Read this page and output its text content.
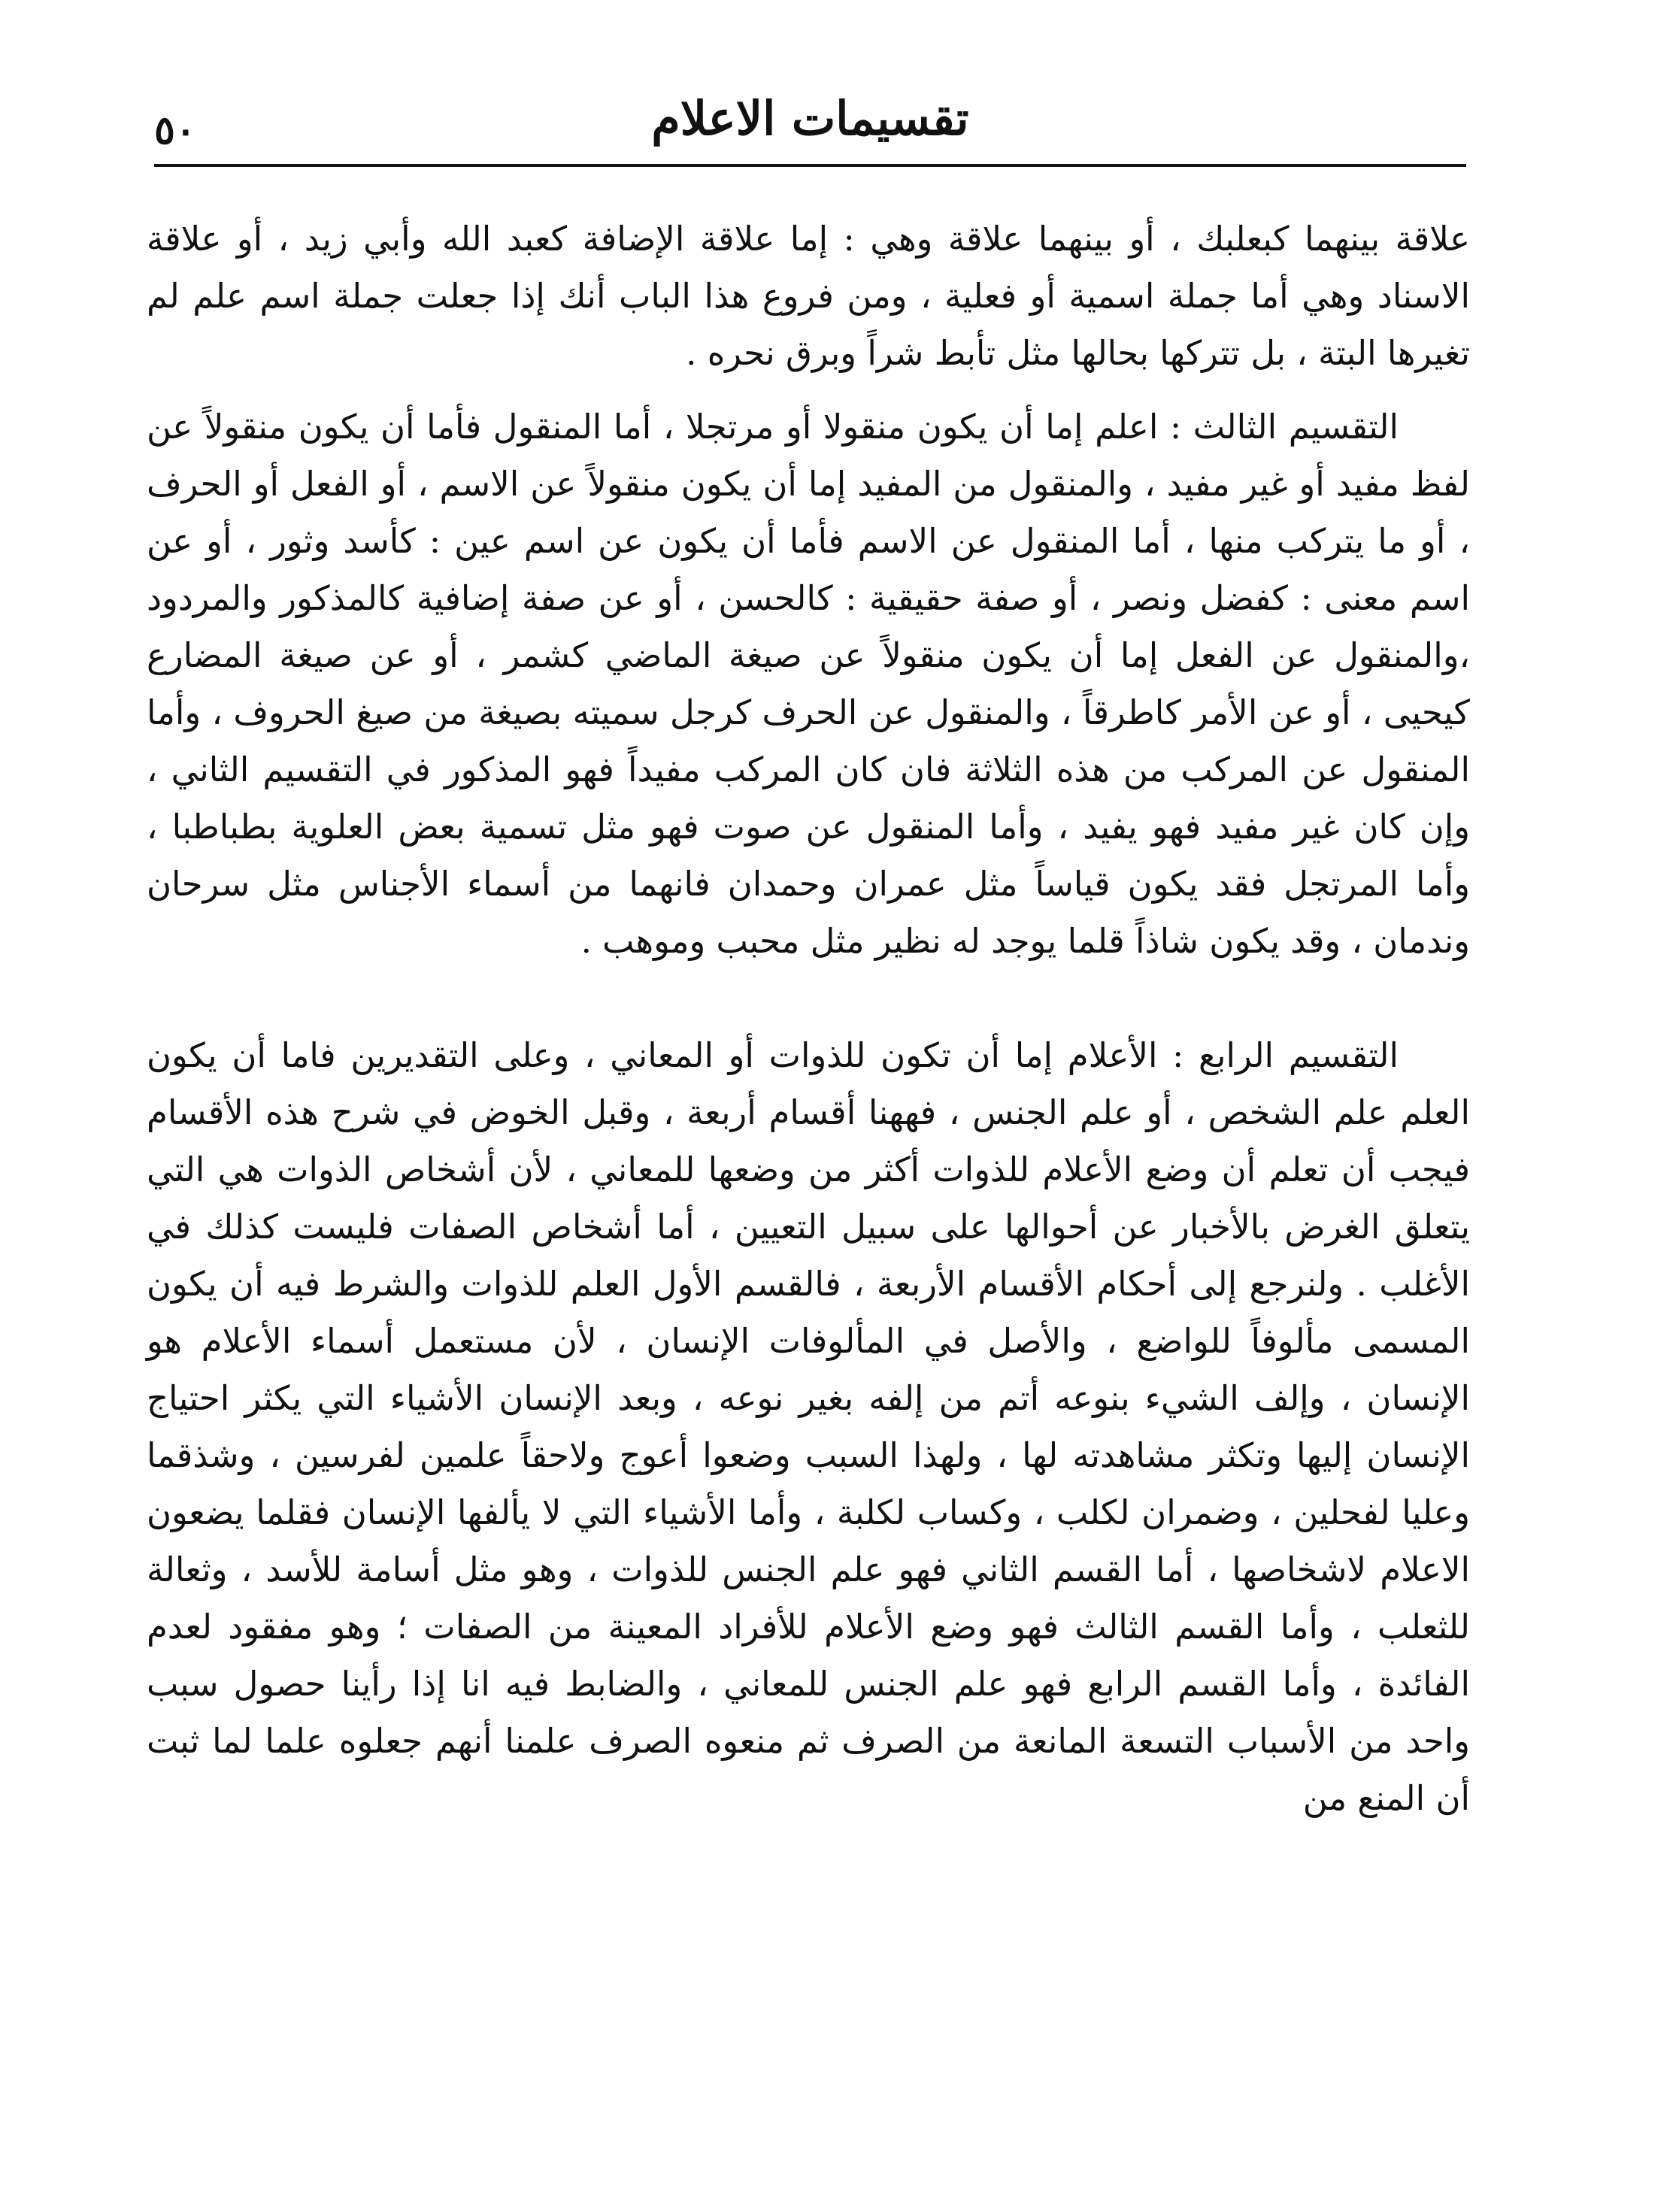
٥٠	تقسيمات الاعلام

علاقة بينهما كبعلبك ، أو بينهما علاقة وهي : إما علاقة الإضافة كعبد الله وأبي زيد ، أو علاقة الاسناد وهي أما جملة اسمية أو فعلية ، ومن فروع هذا الباب أنك إذا جعلت جملة اسم علم لم تغيرها البتة ، بل تتركها بحالها مثل تأبط شراً وبرق نحره .

التقسيم الثالث : اعلم إما أن يكون منقولا أو مرتجلا ، أما المنقول فأما أن يكون منقولاً عن لفظ مفيد أو غير مفيد ، والمنقول من المفيد إما أن يكون منقولاً عن الاسم ، أو الفعل أو الحرف ، أو ما يتركب منها ، أما المنقول عن الاسم فأما أن يكون عن اسم عين : كأسد وثور ، أو عن اسم معنى : كفضل ونصر ، أو صفة حقيقية : كالحسن ، أو عن صفة إضافية كالمذكور والمردود ،والمنقول عن الفعل إما أن يكون منقولاً عن صيغة الماضي كشمر ، أو عن صيغة المضارع كيحيى ، أو عن الأمر كاطرقاً ، والمنقول عن الحرف كرجل سميته بصيغة من صيغ الحروف ، وأما المنقول عن المركب من هذه الثلاثة فان كان المركب مفيداً فهو المذكور في التقسيم الثاني ، وإن كان غير مفيد فهو يفيد ، وأما المنقول عن صوت فهو مثل تسمية بعض العلوية بطباطبا ، وأما المرتجل فقد يكون قياساً مثل عمران وحمدان فانهما من أسماء الأجناس مثل سرحان وندمان ، وقد يكون شاذاً قلما يوجد له نظير مثل محبب وموهب .

التقسيم الرابع : الأعلام إما أن تكون للذوات أو المعاني ، وعلى التقديرين فاما أن يكون العلم علم الشخص ، أو علم الجنس ، فههنا أقسام أربعة ، وقبل الخوض في شرح هذه الأقسام فيجب أن تعلم أن وضع الأعلام للذوات أكثر من وضعها للمعاني ، لأن أشخاص الذوات هي التي يتعلق الغرض بالأخبار عن أحوالها على سبيل التعيين ، أما أشخاص الصفات فليست كذلك في الأغلب . ولنرجع إلى أحكام الأقسام الأربعة ، فالقسم الأول العلم للذوات والشرط فيه أن يكون المسمى مألوفاً للواضع ، والأصل في المألوفات الإنسان ، لأن مستعمل أسماء الأعلام هو الإنسان ، وإلف الشيء بنوعه أتم من إلفه بغير نوعه ، وبعد الإنسان الأشياء التي يكثر احتياج الإنسان إليها وتكثر مشاهدته لها ، ولهذا السبب وضعوا أعوج ولاحقاً علمين لفرسين ، وشذقما وعليا لفحلين ، وضمران لكلب ، وكساب لكلبة ، وأما الأشياء التي لا يألفها الإنسان فقلما يضعون الاعلام لاشخاصها ، أما القسم الثاني فهو علم الجنس للذوات ، وهو مثل أسامة للأسد ، وثعالة للثعلب ، وأما القسم الثالث فهو وضع الأعلام للأفراد المعينة من الصفات ؛ وهو مفقود لعدم الفائدة ، وأما القسم الرابع فهو علم الجنس للمعاني ، والضابط فيه انا إذا رأينا حصول سبب واحد من الأسباب التسعة المانعة من الصرف ثم منعوه الصرف علمنا أنهم جعلوه علما لما ثبت أن المنع من
